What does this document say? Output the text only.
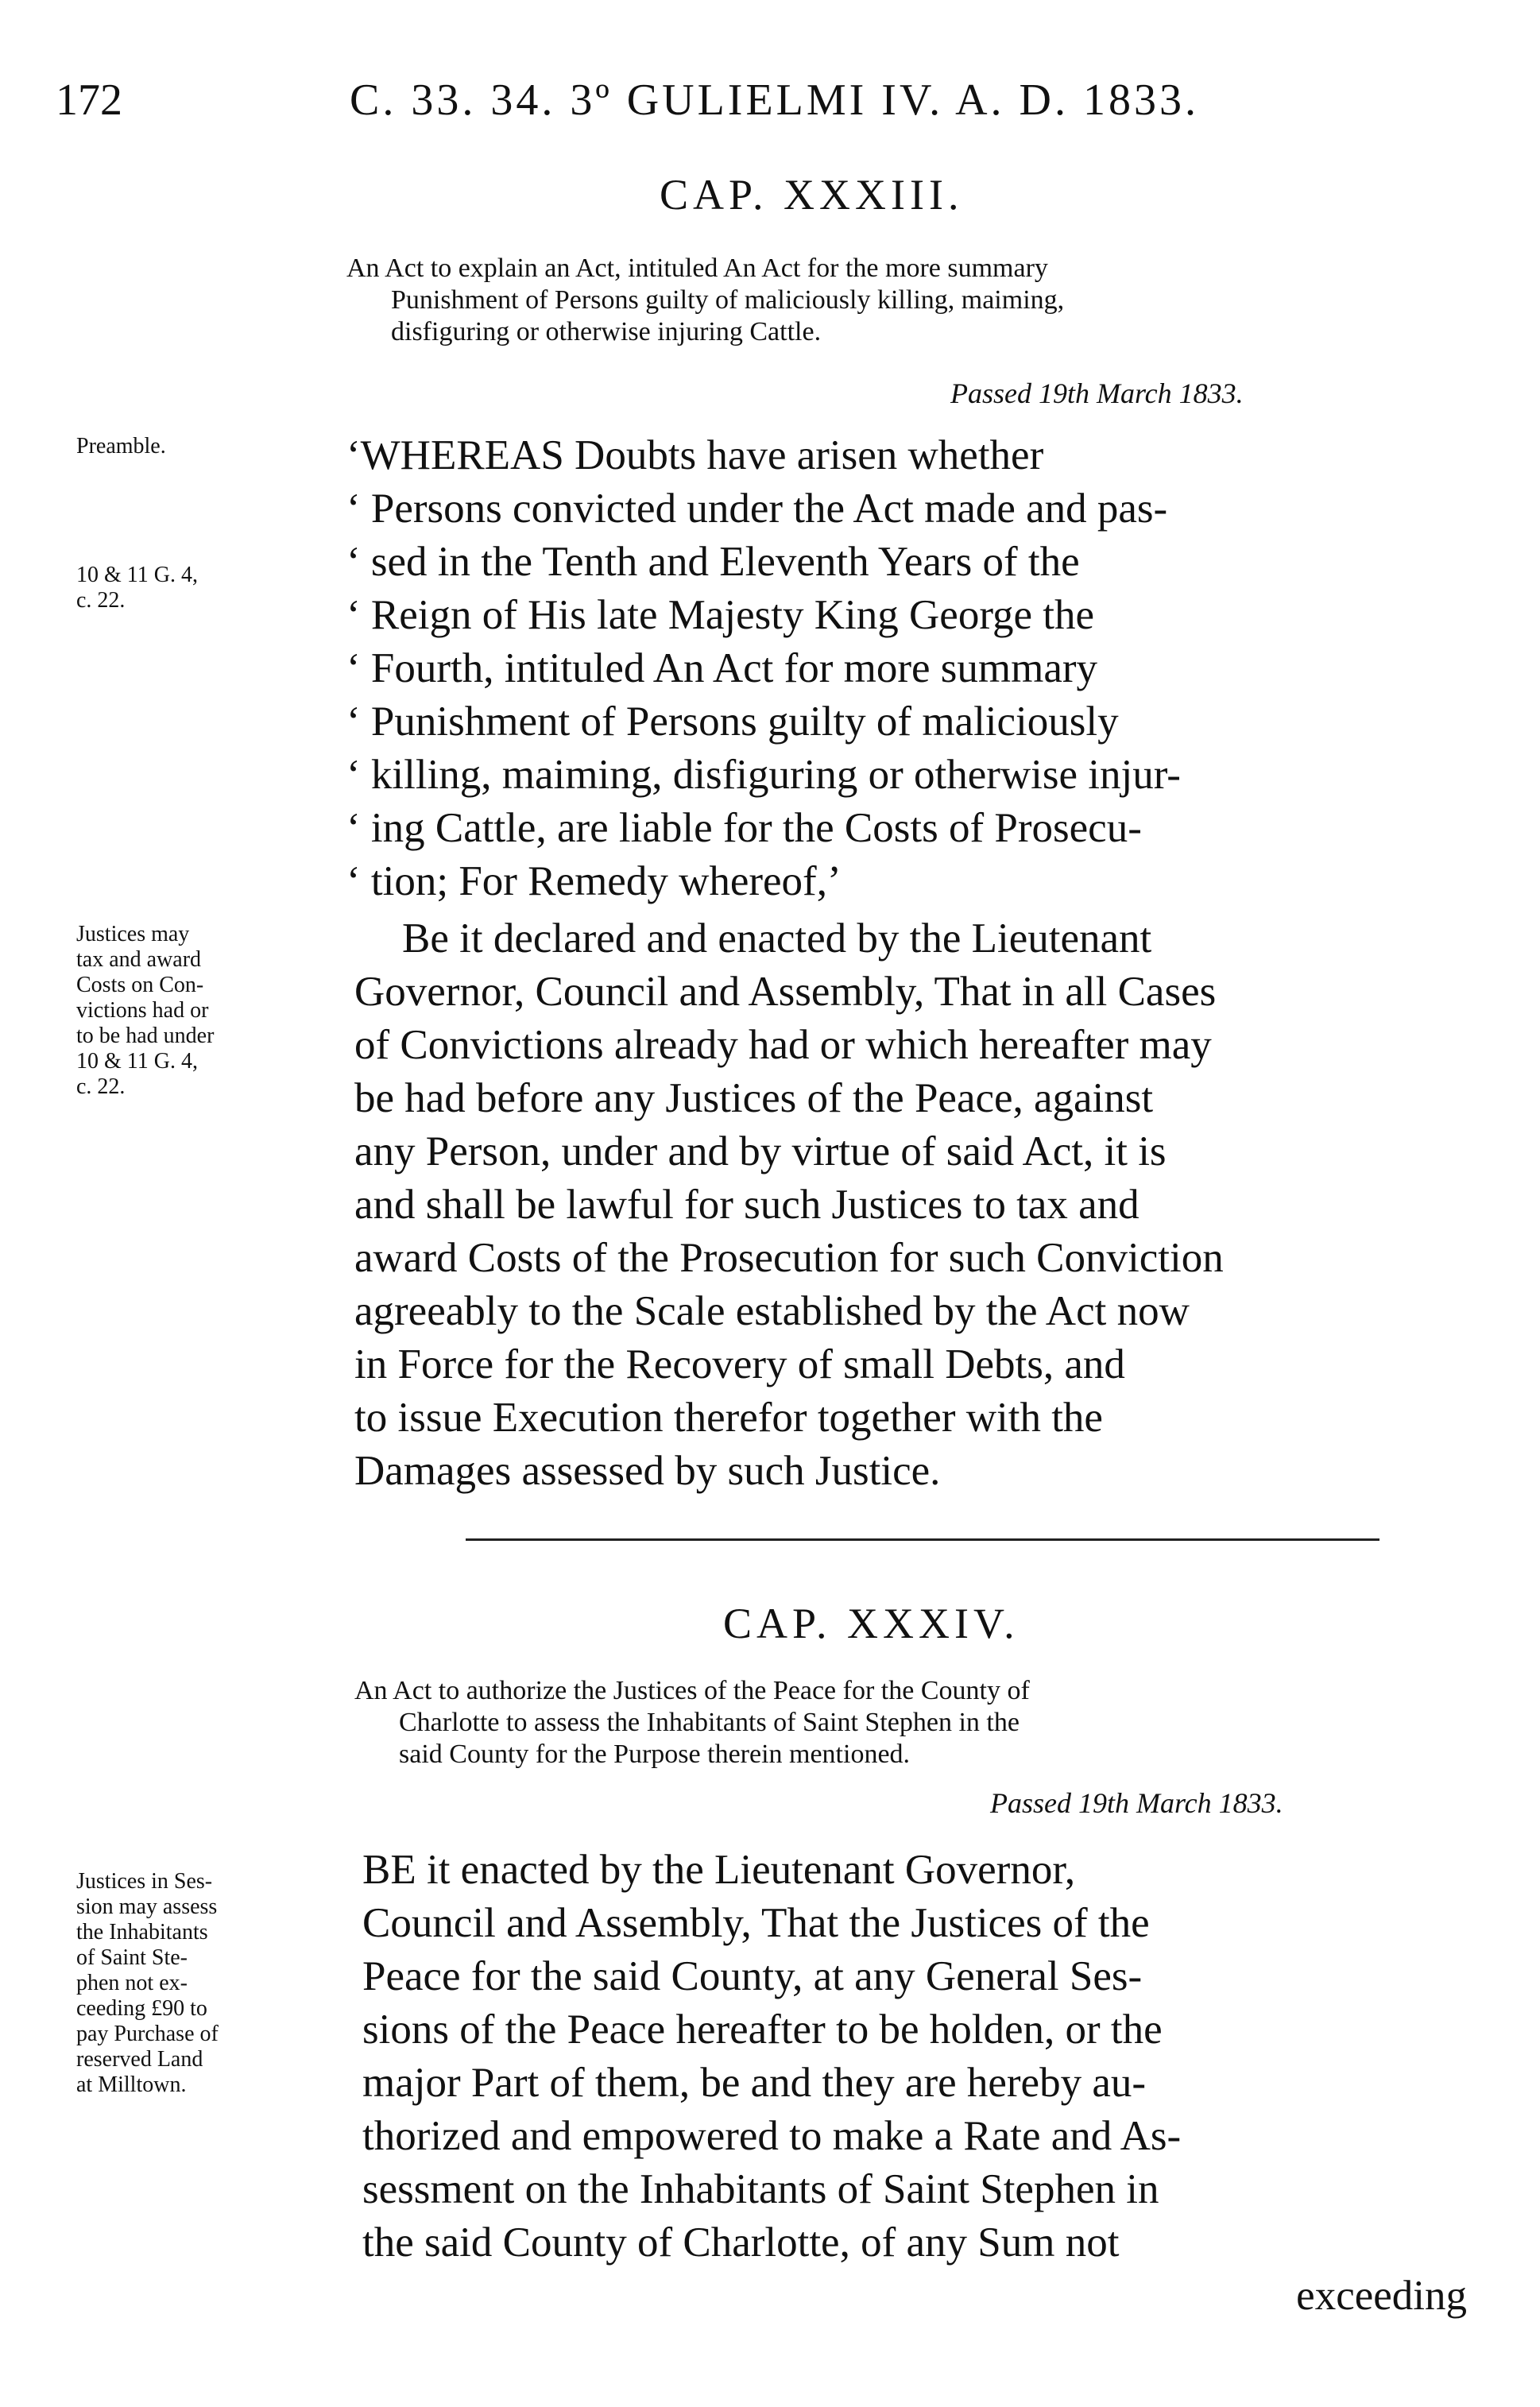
172	C. 33. 34. 3º GULIELMI IV. A. D. 1833.
CAP. XXXIII.
An Act to explain an Act, intituled An Act for the more summary
Punishment of Persons guilty of maliciously killing, maiming,
disfiguring or otherwise injuring Cattle.
Passed 19th March 1833.
Preamble.
10 & 11 G. 4,
c. 22.
‘WHEREAS Doubts have arisen whether
‘ Persons convicted under the Act made and pas-
‘ sed in the Tenth and Eleventh Years of the
‘ Reign of His late Majesty King George the
‘ Fourth, intituled An Act for more summary
‘ Punishment of Persons guilty of maliciously
‘ killing, maiming, disfiguring or otherwise injur-
‘ ing Cattle, are liable for the Costs of Prosecu-
‘ tion; For Remedy whereof,’
Justices may
tax and award
Costs on Con-
victions had or
to be had under
10 & 11 G. 4,
c. 22.
Be it declared and enacted by the Lieutenant
Governor, Council and Assembly, That in all Cases
of Convictions already had or which hereafter may
be had before any Justices of the Peace, against
any Person, under and by virtue of said Act, it is
and shall be lawful for such Justices to tax and
award Costs of the Prosecution for such Conviction
agreeably to the Scale established by the Act now
in Force for the Recovery of small Debts, and
to issue Execution therefor together with the
Damages assessed by such Justice.
CAP. XXXIV.
An Act to authorize the Justices of the Peace for the County of
Charlotte to assess the Inhabitants of Saint Stephen in the
said County for the Purpose therein mentioned.
Passed 19th March 1833.
Justices in Ses-
sion may assess
the Inhabitants
of Saint Ste-
phen not ex-
ceeding £90 to
pay Purchase of
reserved Land
at Milltown.
BE it enacted by the Lieutenant Governor,
Council and Assembly, That the Justices of the
Peace for the said County, at any General Ses-
sions of the Peace hereafter to be holden, or the
major Part of them, be and they are hereby au-
thorized and empowered to make a Rate and As-
sessment on the Inhabitants of Saint Stephen in
the said County of Charlotte, of any Sum not
exceeding
